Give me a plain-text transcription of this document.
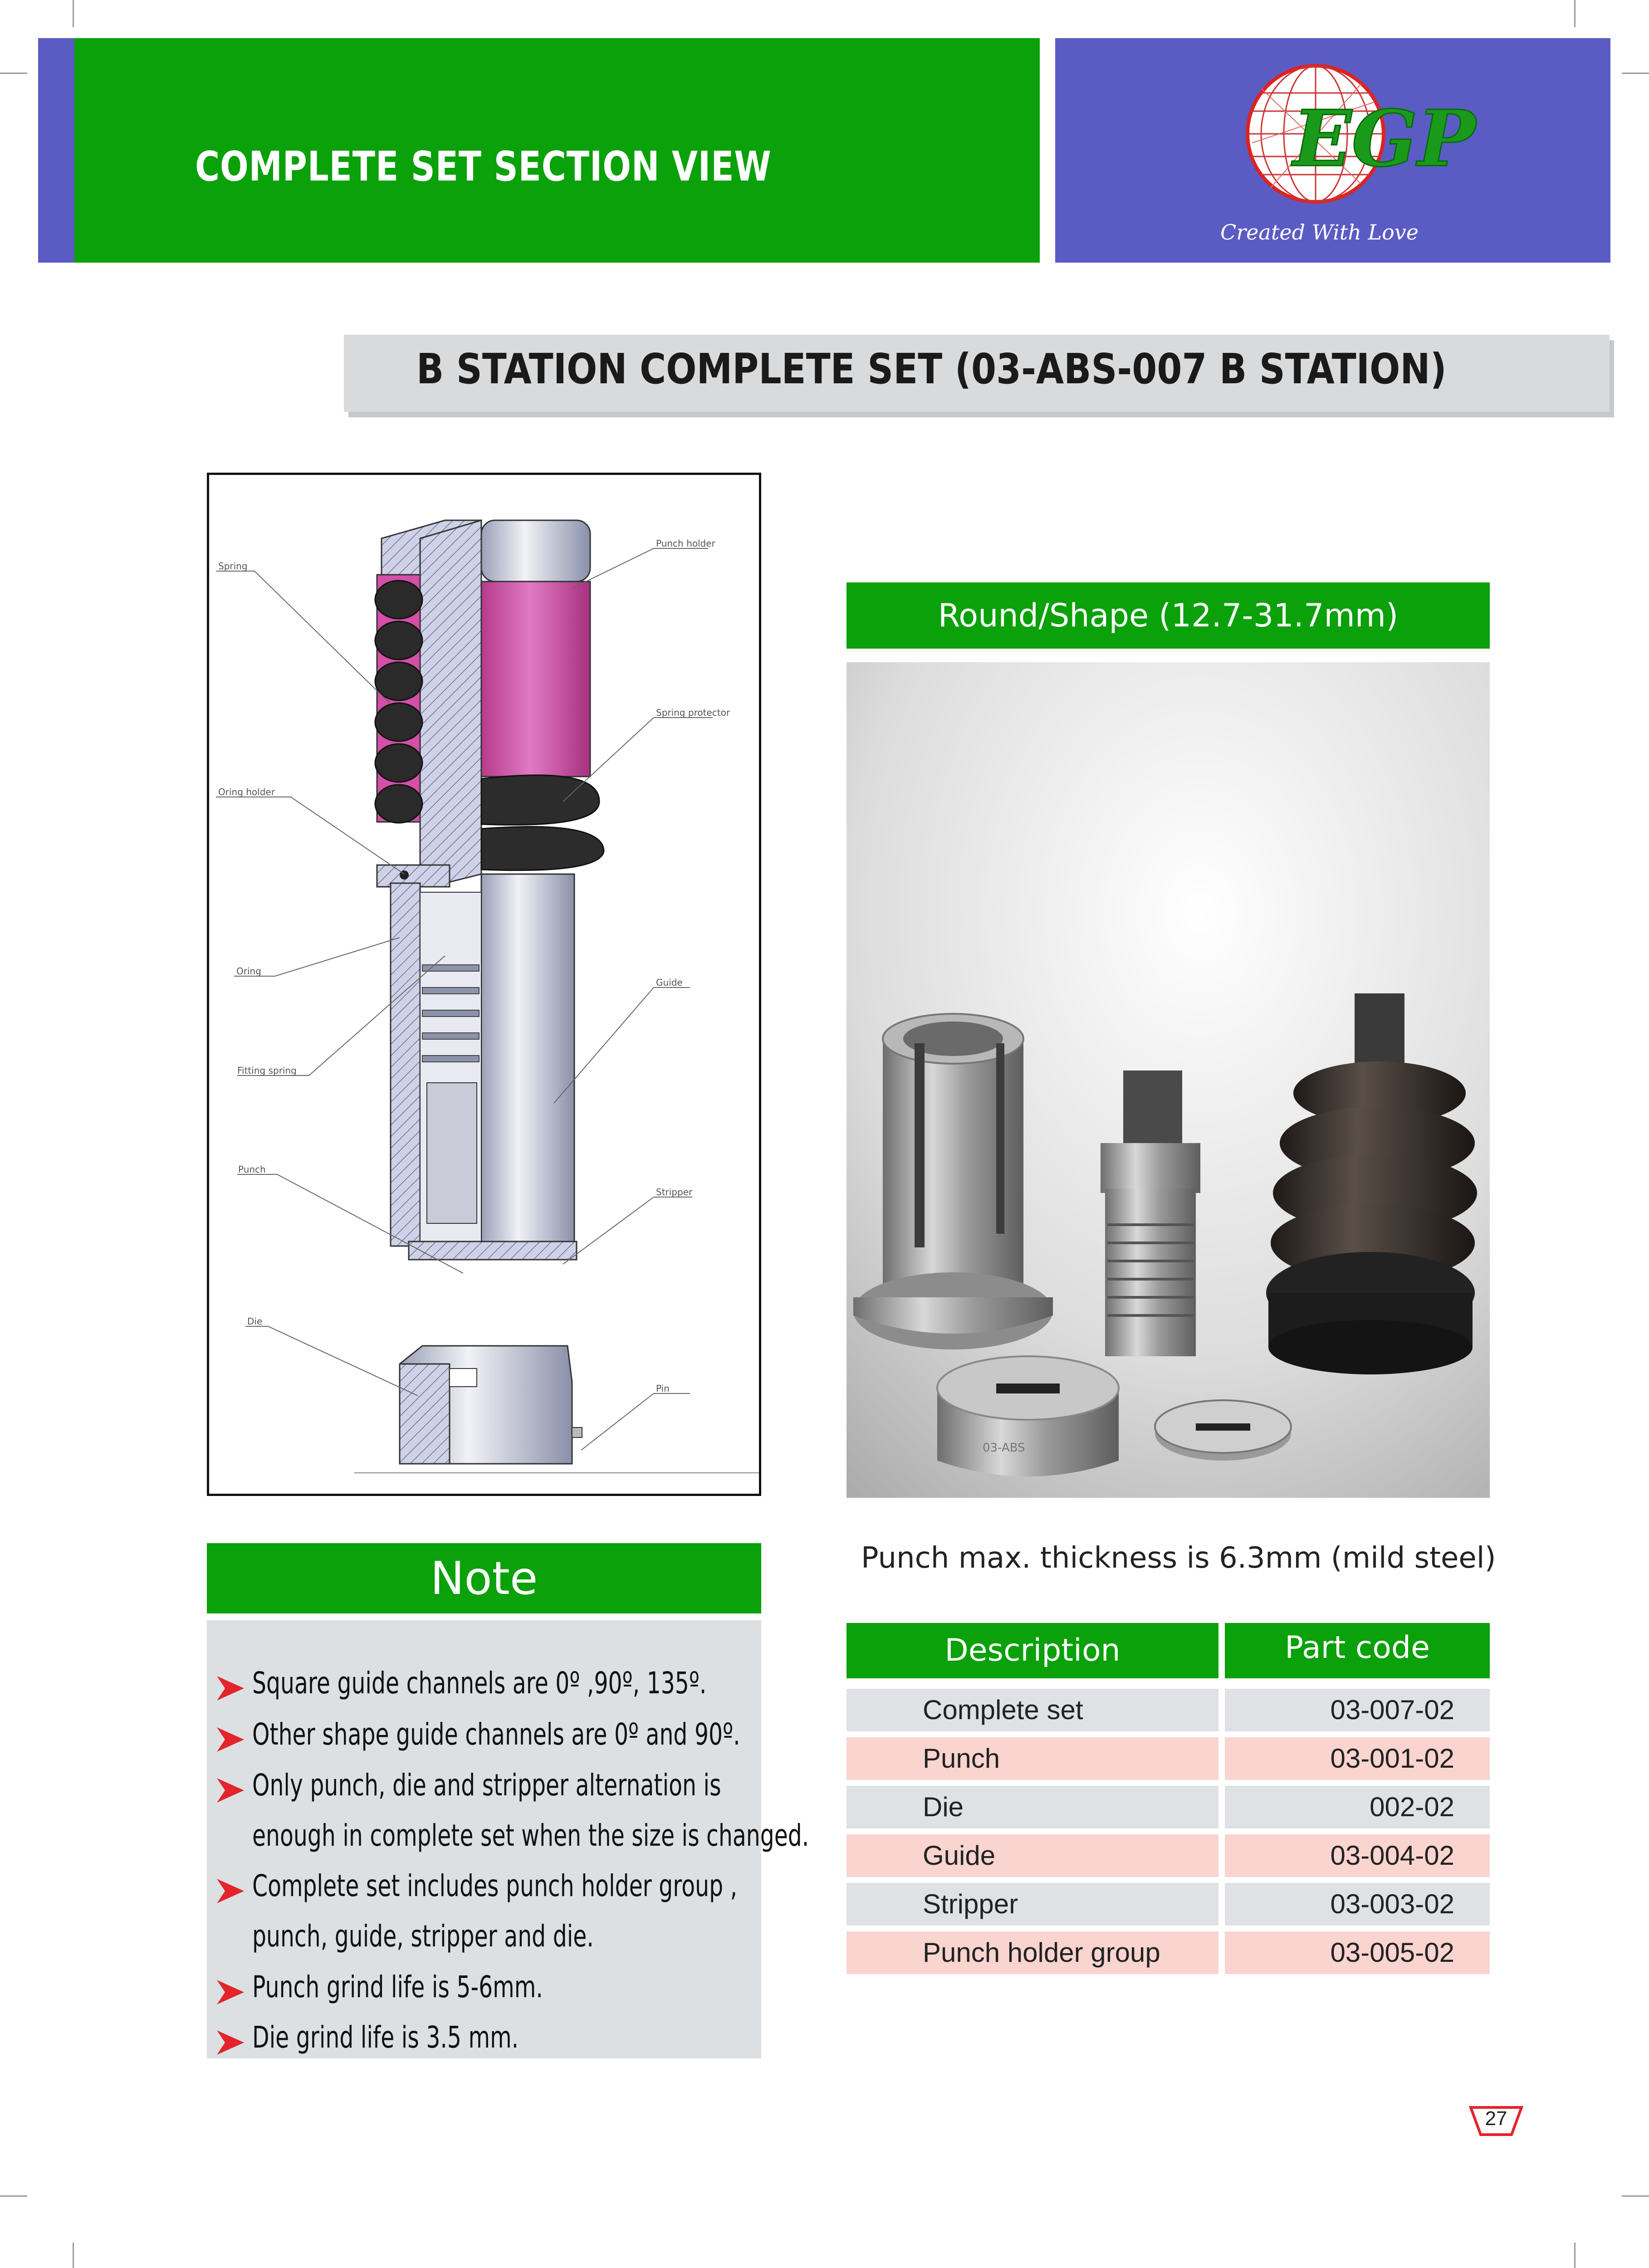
COMPLETE SET SECTION VIEW	EGP
Created With Love
B STATION COMPLETE SET (03-ABS-007 B STATION)
Spring
Punch holder
Spring protector
Oring holder
Oring
Guide
Fitting spring
Punch
Stripper
Die
Pin
Round/Shape (12.7-31.7mm)
03-ABS
Note
Square guide channels are 0º ,90º, 135º.
Other shape guide channels are 0º and 90º.
Only punch, die and stripper alternation is
enough in complete set when the size is changed.
Complete set includes punch holder group ,
punch, guide, stripper and die.
Punch grind life is 5-6mm.
Die grind life is 3.5 mm.
Punch max. thickness is 6.3mm (mild steel)
Description	Part code
Complete set	03-007-02
Punch	03-001-02
Die	002-02
Guide	03-004-02
Stripper	03-003-02
Punch holder group	03-005-02
27
